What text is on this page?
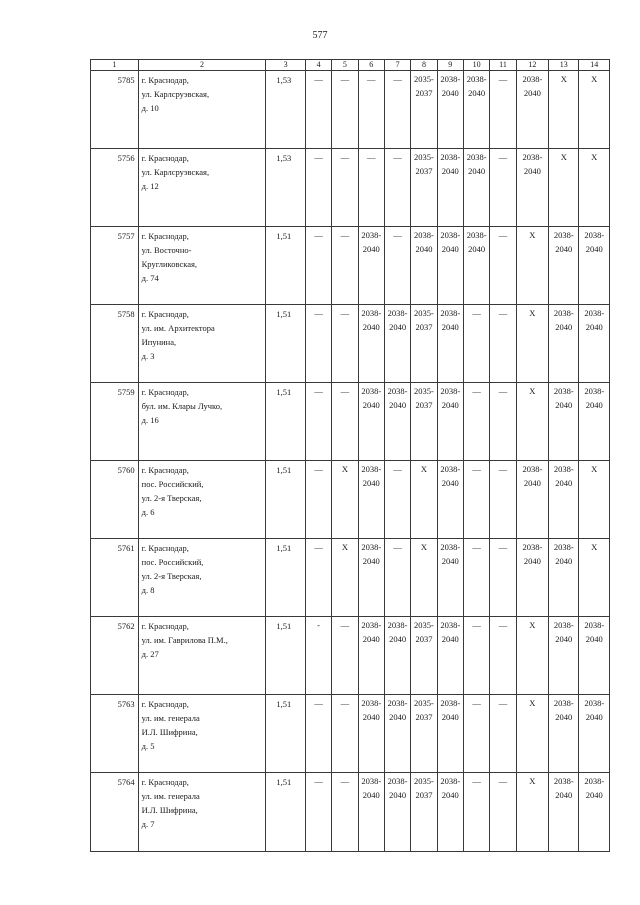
577
1	2	3	4	5	6	7	8	9	10	11	12	13	14
5785	г. Краснодар,
ул. Карлсруэвская,
д. 10	1,53	—	—	—	—	2035-
2037	2038-
2040	2038-
2040	—	2038-
2040	X	X
5756	г. Краснодар,
ул. Карлсруэвская,
д. 12	1,53	—	—	—	—	2035-
2037	2038-
2040	2038-
2040	—	2038-
2040	X	X
5757	г. Краснодар,
ул. Восточно-
Кругликовская,
д. 74	1,51	—	—	2038-
2040	—	2038-
2040	2038-
2040	2038-
2040	—	X	2038-
2040	2038-
2040
5758	г. Краснодар,
ул. им. Архитектора
Ипунина,
д. 3	1,51	—	—	2038-
2040	2038-
2040	2035-
2037	2038-
2040	—	—	X	2038-
2040	2038-
2040
5759	г. Краснодар,
бул. им. Клары Лучко,
д. 16	1,51	—	—	2038-
2040	2038-
2040	2035-
2037	2038-
2040	—	—	X	2038-
2040	2038-
2040
5760	г. Краснодар,
пос. Российский,
ул. 2-я Тверская,
д. 6	1,51	—	X	2038-
2040	—	X	2038-
2040	—	—	2038-
2040	2038-
2040	X
5761	г. Краснодар,
пос. Российский,
ул. 2-я Тверская,
д. 8	1,51	—	X	2038-
2040	—	X	2038-
2040	—	—	2038-
2040	2038-
2040	X
5762	г. Краснодар,
ул. им. Гаврилова П.М.,
д. 27	1,51	-	—	2038-
2040	2038-
2040	2035-
2037	2038-
2040	—	—	X	2038-
2040	2038-
2040
5763	г. Краснодар,
ул. им. генерала
И.Л. Шифрина,
д. 5	1,51	—	—	2038-
2040	2038-
2040	2035-
2037	2038-
2040	—	—	X	2038-
2040	2038-
2040
5764	г. Краснодар,
ул. им. генерала
И.Л. Шифрина,
д. 7	1,51	—	—	2038-
2040	2038-
2040	2035-
2037	2038-
2040	—	—	X	2038-
2040	2038-
2040
